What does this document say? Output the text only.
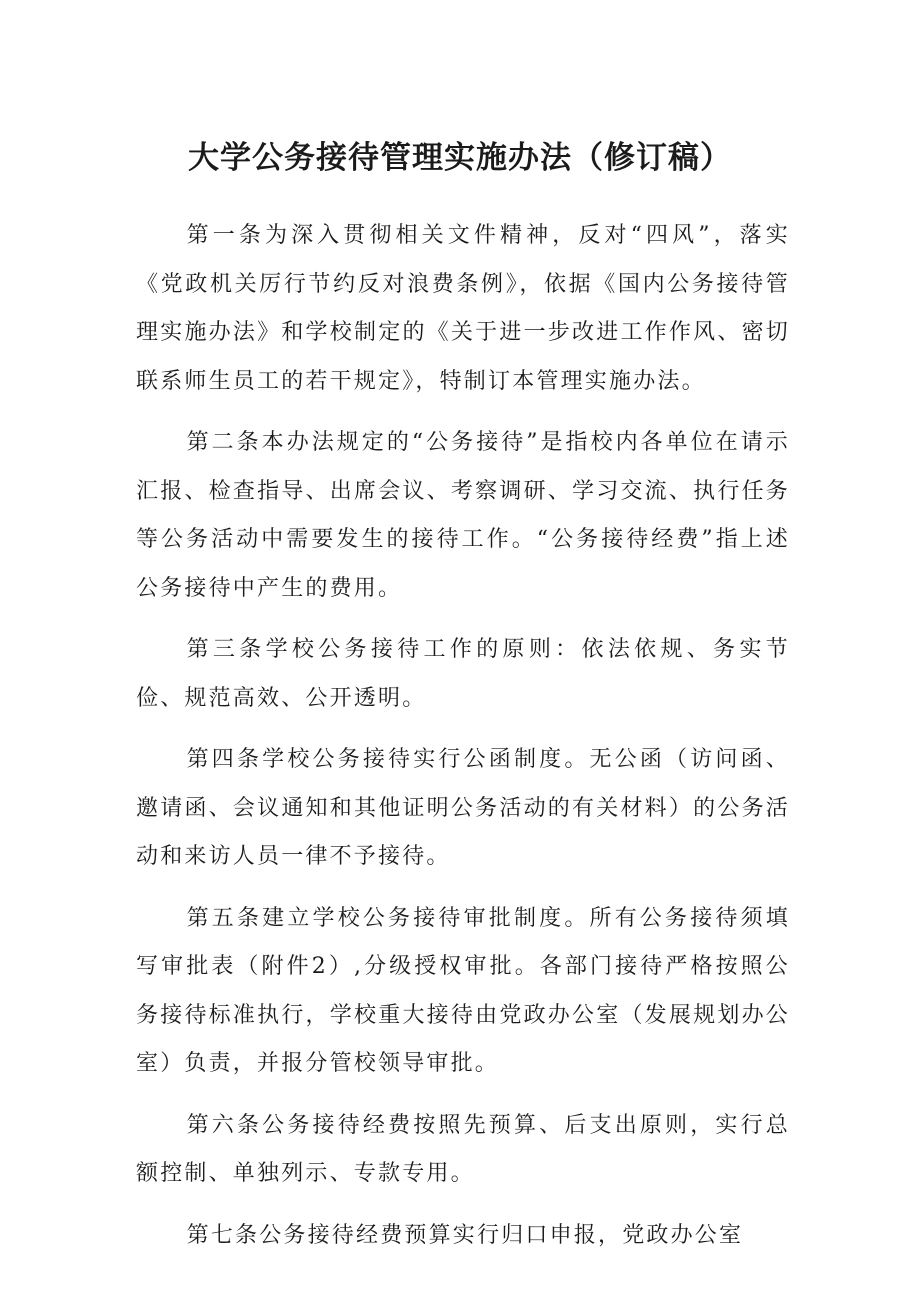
大学公务接待管理实施办法（修订稿）

第一条为深入贯彻相关文件精神，反对“四风”，落实《党政机关厉行节约反对浪费条例》，依据《国内公务接待管理实施办法》和学校制定的《关于进一步改进工作作风、密切联系师生员工的若干规定》，特制订本管理实施办法。

第二条本办法规定的“公务接待”是指校内各单位在请示汇报、检查指导、出席会议、考察调研、学习交流、执行任务等公务活动中需要发生的接待工作。“公务接待经费”指上述公务接待中产生的费用。

第三条学校公务接待工作的原则：依法依规、务实节俭、规范高效、公开透明。

第四条学校公务接待实行公函制度。无公函（访问函、邀请函、会议通知和其他证明公务活动的有关材料）的公务活动和来访人员一律不予接待。

第五条建立学校公务接待审批制度。所有公务接待须填写审批表（附件2）,分级授权审批。各部门接待严格按照公务接待标准执行，学校重大接待由党政办公室（发展规划办公室）负责，并报分管校领导审批。

第六条公务接待经费按照先预算、后支出原则，实行总额控制、单独列示、专款专用。

第七条公务接待经费预算实行归口申报，党政办公室
